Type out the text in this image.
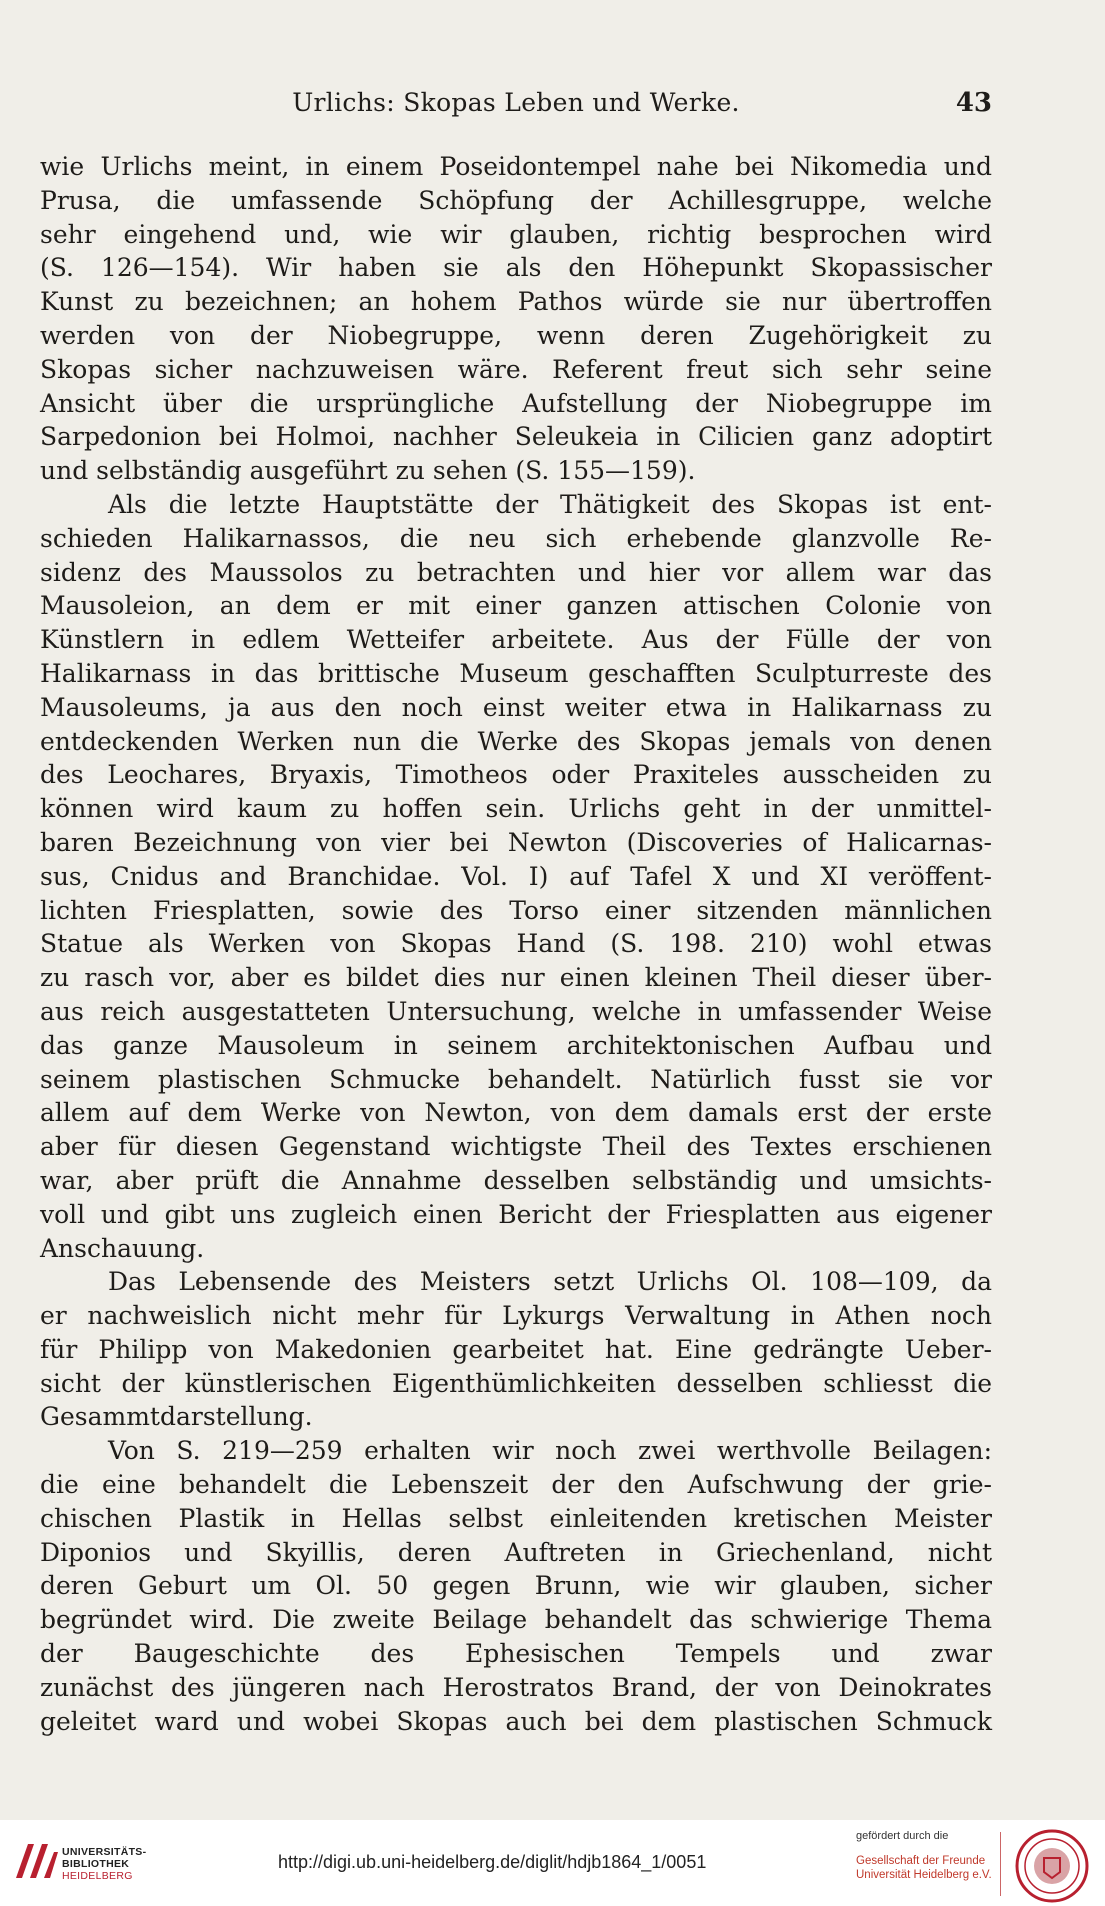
Urlichs: Skopas Leben und Werke.	43
wie Urlichs meint, in einem Poseidontempel nahe bei Nikomedia und
Prusa, die umfassende Schöpfung der Achillesgruppe, welche
sehr eingehend und, wie wir glauben, richtig besprochen wird
(S. 126—154). Wir haben sie als den Höhepunkt Skopassischer
Kunst zu bezeichnen; an hohem Pathos würde sie nur übertroffen
werden von der Niobegruppe, wenn deren Zugehörigkeit zu
Skopas sicher nachzuweisen wäre. Referent freut sich sehr seine
Ansicht über die ursprüngliche Aufstellung der Niobegruppe im
Sarpedonion bei Holmoi, nachher Seleukeia in Cilicien ganz adoptirt
und selbständig ausgeführt zu sehen (S. 155—159).
Als die letzte Hauptstätte der Thätigkeit des Skopas ist ent-
schieden Halikarnassos, die neu sich erhebende glanzvolle Re-
sidenz des Maussolos zu betrachten und hier vor allem war das
Mausoleion, an dem er mit einer ganzen attischen Colonie von
Künstlern in edlem Wetteifer arbeitete. Aus der Fülle der von
Halikarnass in das brittische Museum geschafften Sculpturreste des
Mausoleums, ja aus den noch einst weiter etwa in Halikarnass zu
entdeckenden Werken nun die Werke des Skopas jemals von denen
des Leochares, Bryaxis, Timotheos oder Praxiteles ausscheiden zu
können wird kaum zu hoffen sein. Urlichs geht in der unmittel-
baren Bezeichnung von vier bei Newton (Discoveries of Halicarnas-
sus, Cnidus and Branchidae. Vol. I) auf Tafel X und XI veröffent-
lichten Friesplatten, sowie des Torso einer sitzenden männlichen
Statue als Werken von Skopas Hand (S. 198. 210) wohl etwas
zu rasch vor, aber es bildet dies nur einen kleinen Theil dieser über-
aus reich ausgestatteten Untersuchung, welche in umfassender Weise
das ganze Mausoleum in seinem architektonischen Aufbau und
seinem plastischen Schmucke behandelt. Natürlich fusst sie vor
allem auf dem Werke von Newton, von dem damals erst der erste
aber für diesen Gegenstand wichtigste Theil des Textes erschienen
war, aber prüft die Annahme desselben selbständig und umsichts-
voll und gibt uns zugleich einen Bericht der Friesplatten aus eigener
Anschauung.
Das Lebensende des Meisters setzt Urlichs Ol. 108—109, da
er nachweislich nicht mehr für Lykurgs Verwaltung in Athen noch
für Philipp von Makedonien gearbeitet hat. Eine gedrängte Ueber-
sicht der künstlerischen Eigenthümlichkeiten desselben schliesst die
Gesammtdarstellung.
Von S. 219—259 erhalten wir noch zwei werthvolle Beilagen:
die eine behandelt die Lebenszeit der den Aufschwung der grie-
chischen Plastik in Hellas selbst einleitenden kretischen Meister
Diponios und Skyillis, deren Auftreten in Griechenland, nicht
deren Geburt um Ol. 50 gegen Brunn, wie wir glauben, sicher
begründet wird. Die zweite Beilage behandelt das schwierige Thema
der Baugeschichte des Ephesischen Tempels und zwar
zunächst des jüngeren nach Herostratos Brand, der von Deinokrates
geleitet ward und wobei Skopas auch bei dem plastischen Schmuck
UNIVERSITÄTS-
BIBLIOTHEK
HEIDELBERG
http://digi.ub.uni-heidelberg.de/diglit/hdjb1864_1/0051
gefördert durch die
Gesellschaft der Freunde
Universität Heidelberg e.V.
